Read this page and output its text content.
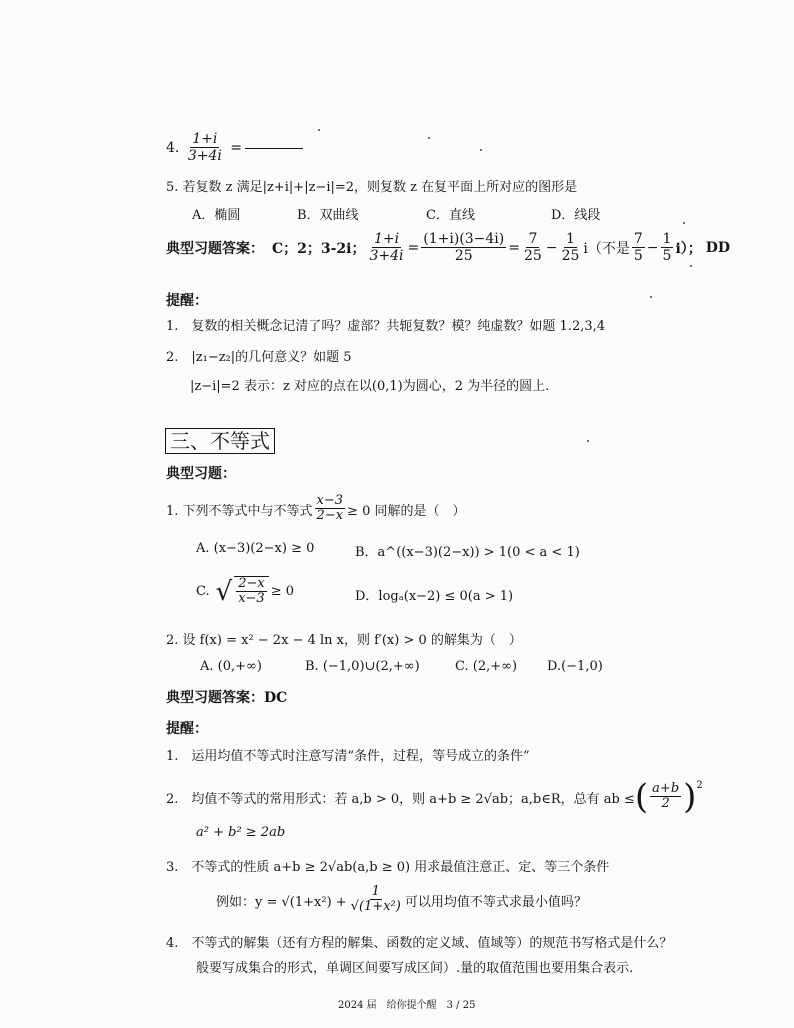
4. $\frac{1+i}{3+4i}$ =
5. 若复数 z 满足|z+i|+|z−i|=2，则复数 z 在复平面上所对应的图形是
A．椭圆	B．双曲线	C．直线	D．线段
典型习题答案： C；2；3-2i； $\frac{1+i}{3+4i} = \frac{(1+i)(3-4i)}{25} = \frac{7}{25} - \frac{1}{25} i$（不是 $\frac{7}{5} - \frac{1}{5} i$）； DD
提醒：
1.　复数的相关概念记清了吗？虚部？共轭复数？模？纯虚数？如题 1.2,3,4
2.　|z₁−z₂|的几何意义？如题 5
|z−i|=2 表示：z 对应的点在以(0,1)为圆心，2 为半径的圆上.
三、不等式
典型习题：
1. 下列不等式中与不等式 $\frac{x-3}{2-x} \ge 0$ 同解的是（　）
A. (x−3)(2−x) ≥ 0	B．a^((x−3)(2−x)) > 1(0 < a < 1)
C. √ $\frac{2-x}{x-3} \ge 0$	D．logₐ(x−2) ≤ 0(a > 1)
2. 设 f(x) = x² − 2x − 4 ln x，则 f′(x) > 0 的解集为（　）
A. (0,+∞)	B. (−1,0)∪(2,+∞)	C. (2,+∞) D.(−1,0)
典型习题答案：DC
提醒：
1.　运用均值不等式时注意写清“条件，过程，等号成立的条件”
2.　均值不等式的常用形式：若 a,b > 0，则 a+b ≥ 2√ab；a,b∈R，总有 ab ≤ ( $\frac{a+b}{2} )^2$
a² + b² ≥ 2ab
3.　不等式的性质 a+b ≥ 2√ab(a,b ≥ 0) 用求最值注意正、定、等三个条件
例如：$y = √(1+x^2) + \frac{1}{\text{√(1+x²)}}$ 可以用均值不等式求最小值吗？
4.　不等式的解集（还有方程的解集、函数的定义域、值域等）的规范书写格式是什么？
般要写成集合的形式，单调区间要写成区间）.量的取值范围也要用集合表示.
2024 届　给你提个醒　3 / 25
